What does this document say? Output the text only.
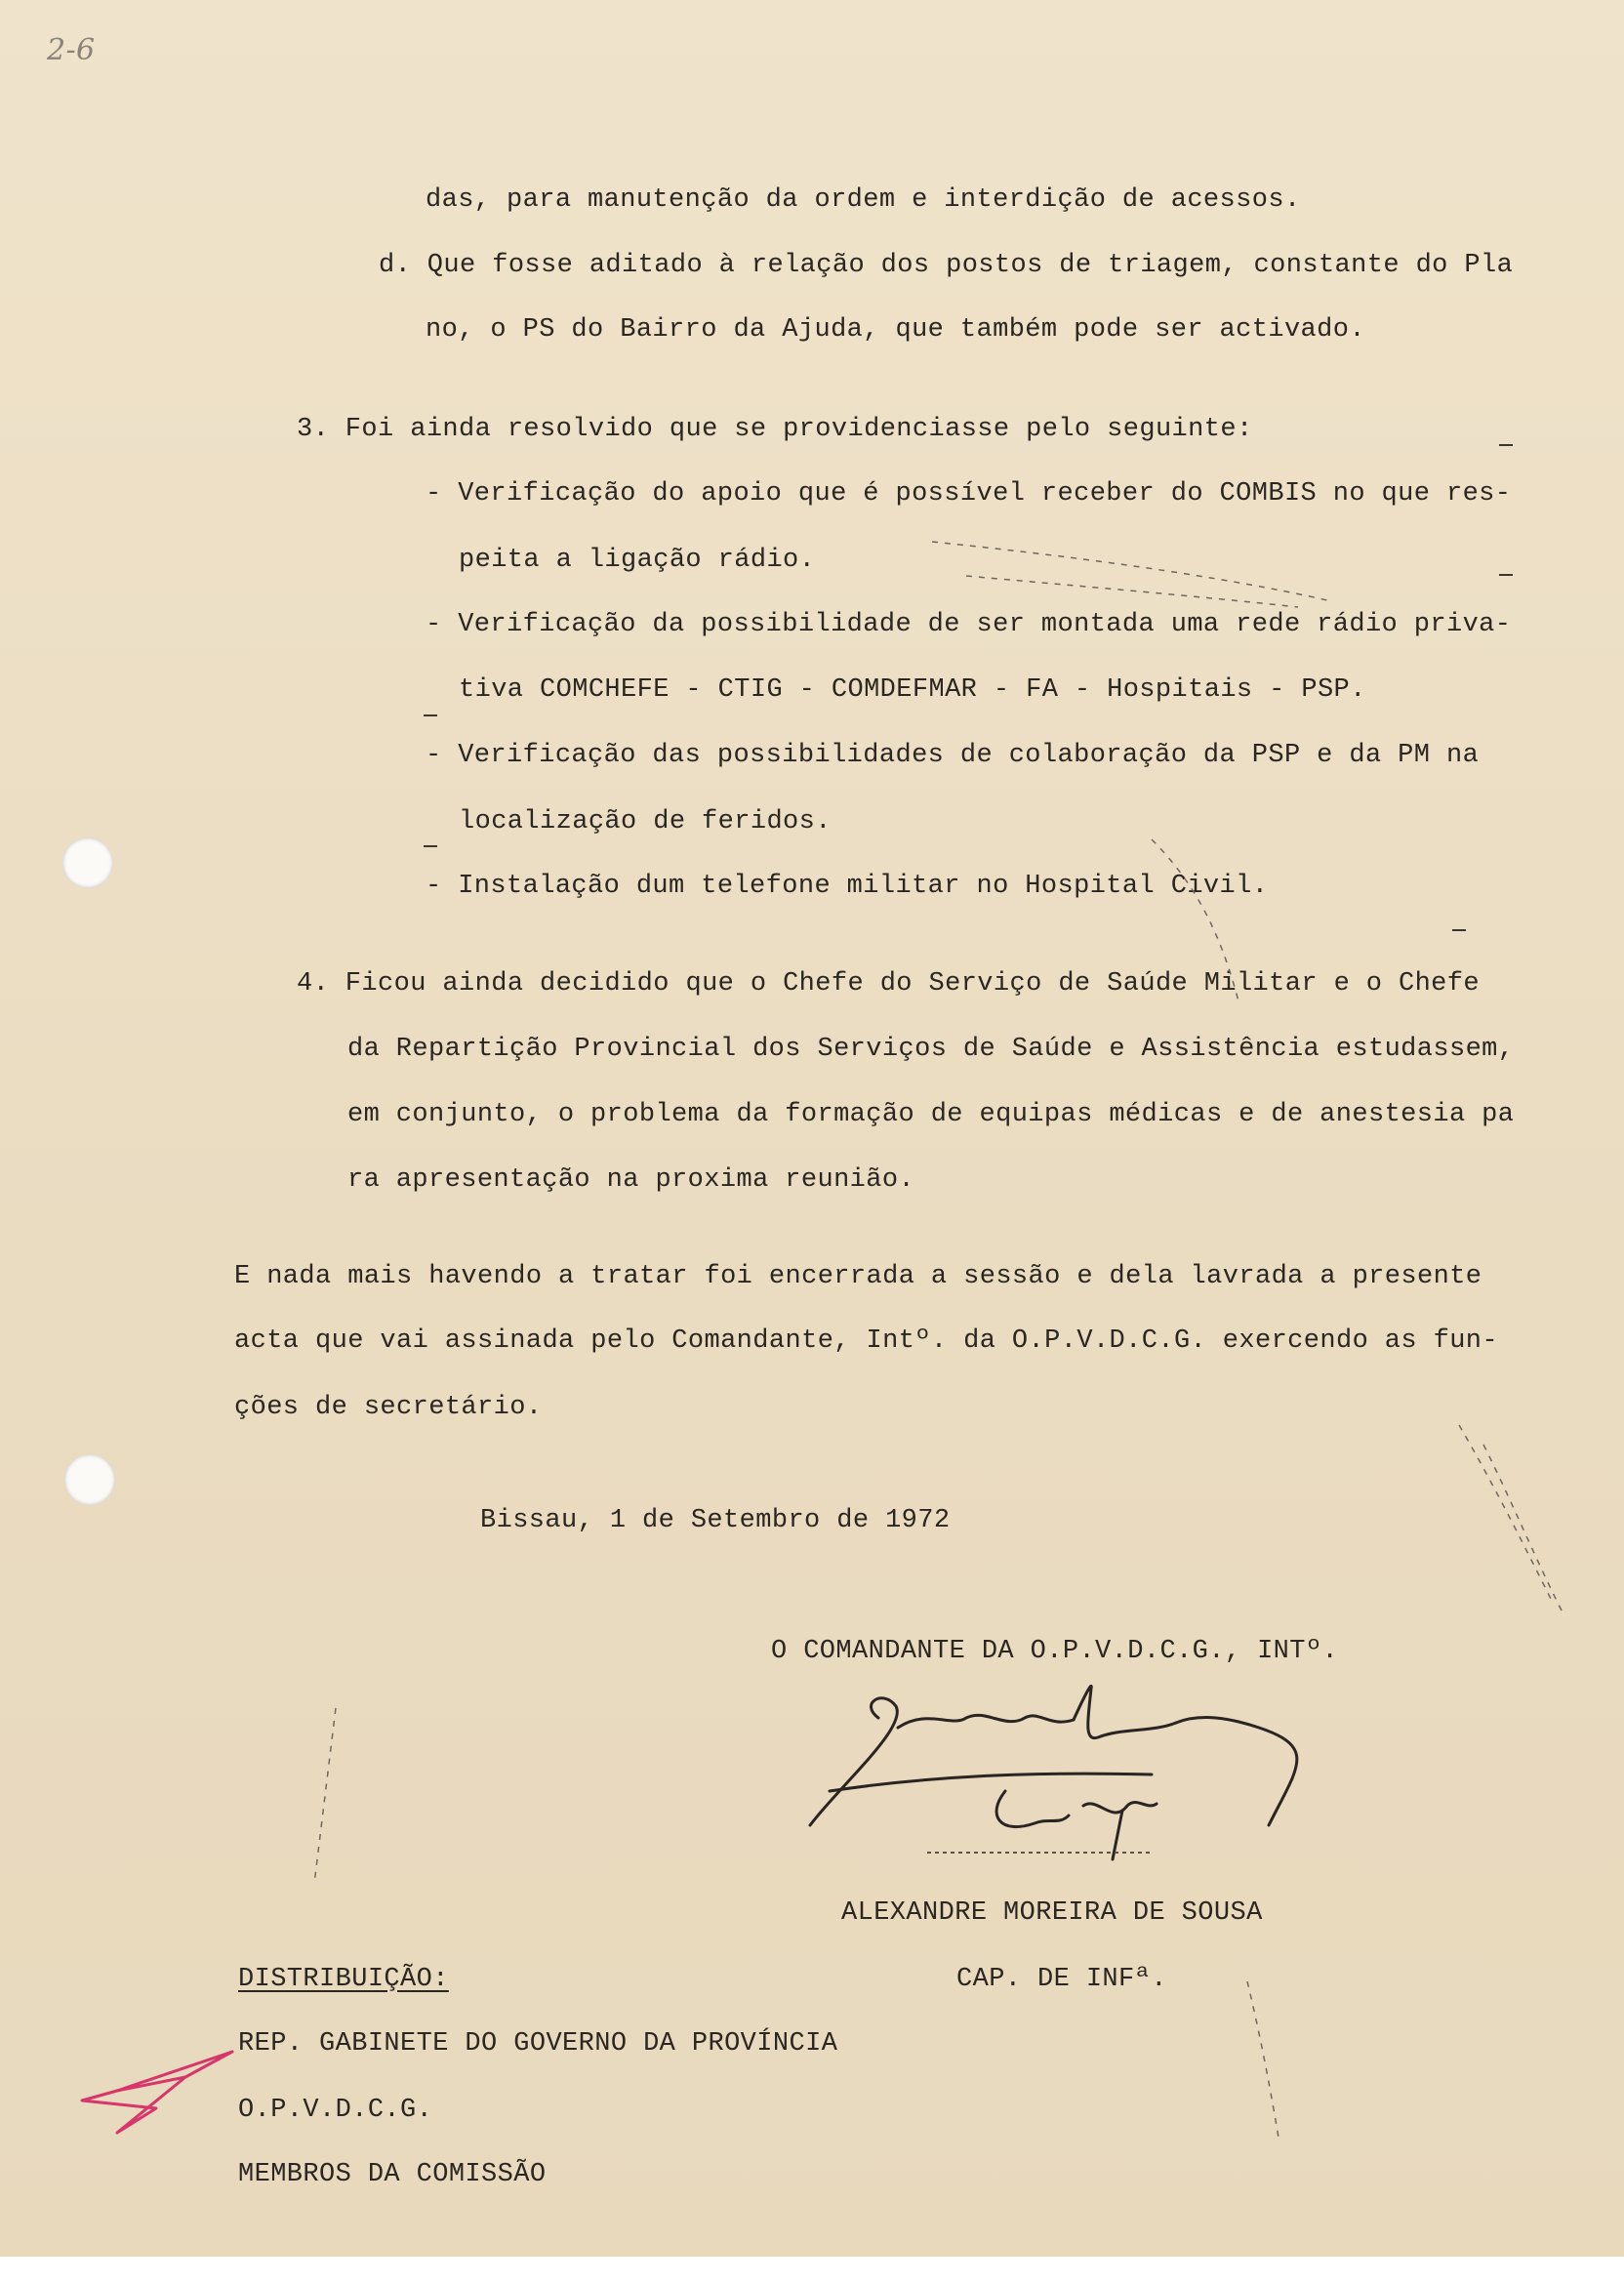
2-6
das, para manutenção da ordem e interdição de acessos.
d. Que fosse aditado à relação dos postos de triagem, constante do Pla
no, o PS do Bairro da Ajuda, que também pode ser activado.
3. Foi ainda resolvido que se providenciasse pelo seguinte:
- Verificação do apoio que é possível receber do COMBIS no que res-
peita a ligação rádio.
- Verificação da possibilidade de ser montada uma rede rádio priva-
tiva COMCHEFE - CTIG - COMDEFMAR - FA - Hospitais - PSP.
- Verificação das possibilidades de colaboração da PSP e da PM na
localização de feridos.
- Instalação dum telefone militar no Hospital Civil.
4. Ficou ainda decidido que o Chefe do Serviço de Saúde Militar e o Chefe
da Repartição Provincial dos Serviços de Saúde e Assistência estudassem,
em conjunto, o problema da formação de equipas médicas e de anestesia pa
ra apresentação na proxima reunião.
E nada mais havendo a tratar foi encerrada a sessão e dela lavrada a presente
acta que vai assinada pelo Comandante, Intº. da O.P.V.D.C.G. exercendo as fun-
ções de secretário.
Bissau, 1 de Setembro de 1972
O COMANDANTE DA O.P.V.D.C.G., INTº.
ALEXANDRE MOREIRA DE SOUSA
CAP. DE INFª.
DISTRIBUIÇÃO:
REP. GABINETE DO GOVERNO DA PROVÍNCIA
O.P.V.D.C.G.
MEMBROS DA COMISSÃO
